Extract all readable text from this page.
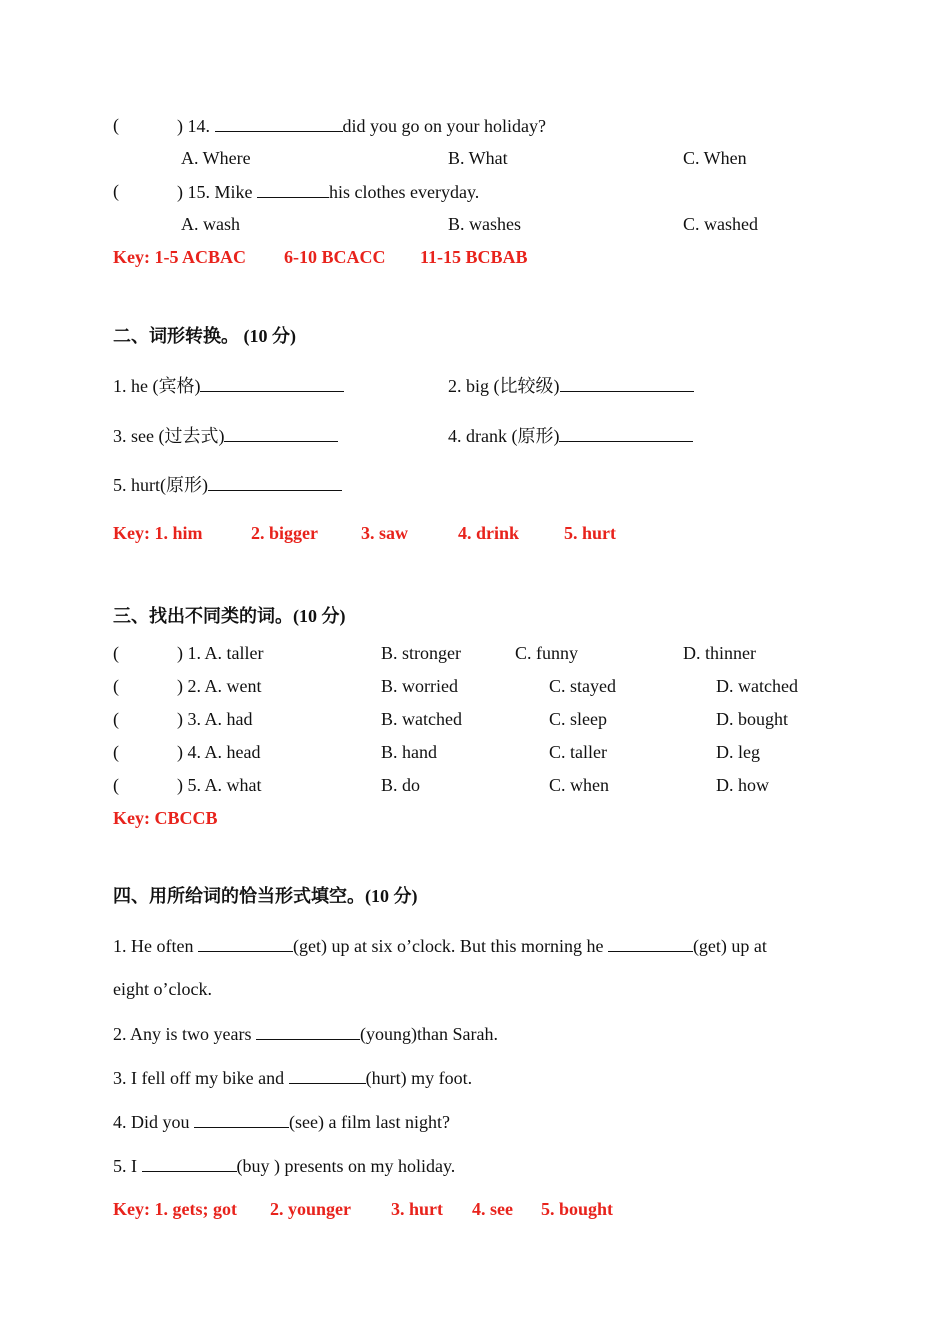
(	) 14.	did you go on your holiday?
A. Where	B. What	C. When
(	) 15. Mike	his clothes everyday.
A. wash	B. washes	C. washed
Key: 1-5 ACBAC 6-10 BCACC 11-15 BCBAB
二、词形转换。 (10 分)
1. he (宾格)	2. big (比较级)
3. see (过去式)	4. drank (原形)
5. hurt(原形)
Key: 1. him	2. bigger 3. saw	4. drink 5. hurt
三、找出不同类的词。(10 分)
(	) 1. A. taller	B. stronger	C. funny	D. thinner
(	) 2. A. went	B. worried	C. stayed	D. watched
(	) 3. A. had	B. watched	C. sleep	D. bought
(	) 4. A. head	B. hand	C. taller	D. leg
(	) 5. A. what	B. do	C. when	D. how
Key: CBCCB
四、用所给词的恰当形式填空。(10 分)
1. He often	(get) up at six o’clock. But this morning he	(get) up at
eight o’clock.
2. Any is two years	(young)than Sarah.
3. I fell off my bike and	(hurt) my foot.
4. Did you	(see) a film last night?
5. I	(buy ) presents on my holiday.
Key: 1. gets; got 2. younger 3. hurt 4. see 5. bought
